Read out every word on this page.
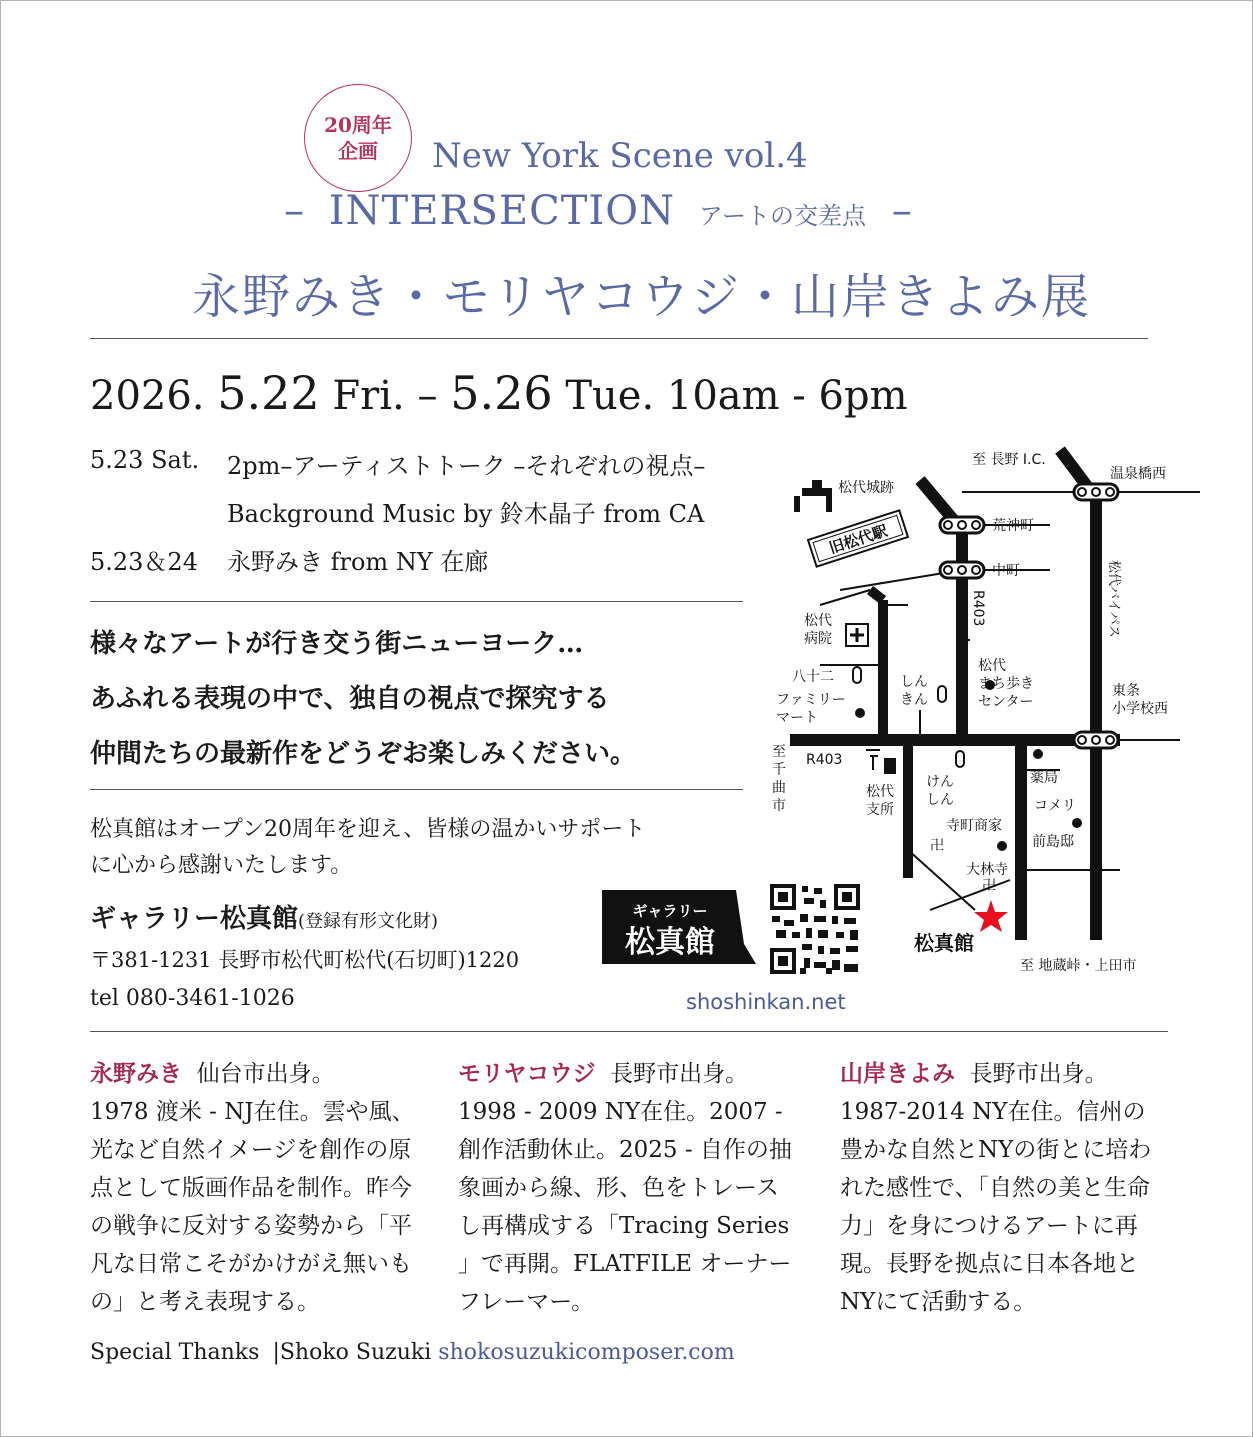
20周年
企画	New York Scene vol.4
– INTERSECTION アートの交差点 –
永野みき・モリヤコウジ・山岸きよみ展
2026. 5.22 Fri. – 5.26 Tue. 10am - 6pm
5.23 Sat. 2pm–アーティストトーク –それぞれの視点–
Background Music by 鈴木晶子 from CA
5.23＆24 永野みき from NY 在廊
様々なアートが行き交う街ニューヨーク…
あふれる表現の中で、独自の視点で探究する
仲間たちの最新作をどうぞお楽しみください。
松真館はオープン20周年を迎え、皆様の温かいサポート
に心から感謝いたします。
ギャラリー松真館(登録有形文化財)
〒381-1231 長野市松代町松代(石切町)1220
tel 080-3461-1026
ギャラリー
松真館
shoshinkan.net
旧松代駅
卍
卍
至 長野 I.C.
温泉橋西
松代城跡
荒神町
中町
R403	松代バイパス
松代
病院
八十二	しん
きん
松代
まち歩き
センター
ファミリー
マート
東条
小学校西
至
千
曲
市
R403
松代
支所
けん
しん
薬局
コメリ
寺町商家
前島邸
大林寺
松真館
至 地蔵峠・上田市
永野みき 仙台市出身。
1978 渡米 - NJ在住。雲や風、光など自然イメージを創作の原点として版画作品を制作。昨今の戦争に反対する姿勢から「平凡な日常こそがかけがえ無いもの」と考え表現する。
モリヤコウジ 長野市出身。
1998 - 2009 NY在住。2007 - 創作活動休止。2025 - 自作の抽象画から線、形、色をトレースし再構成する「Tracing Series 」で再開。FLATFILE オーナーフレーマー。
山岸きよみ 長野市出身。
1987-2014 NY在住。信州の豊かな自然とNYの街とに培われた感性で、「自然の美と生命力」を身につけるアートに再現。長野を拠点に日本各地とNYにて活動する。
Special Thanks |Shoko Suzuki shokosuzukicomposer.com
